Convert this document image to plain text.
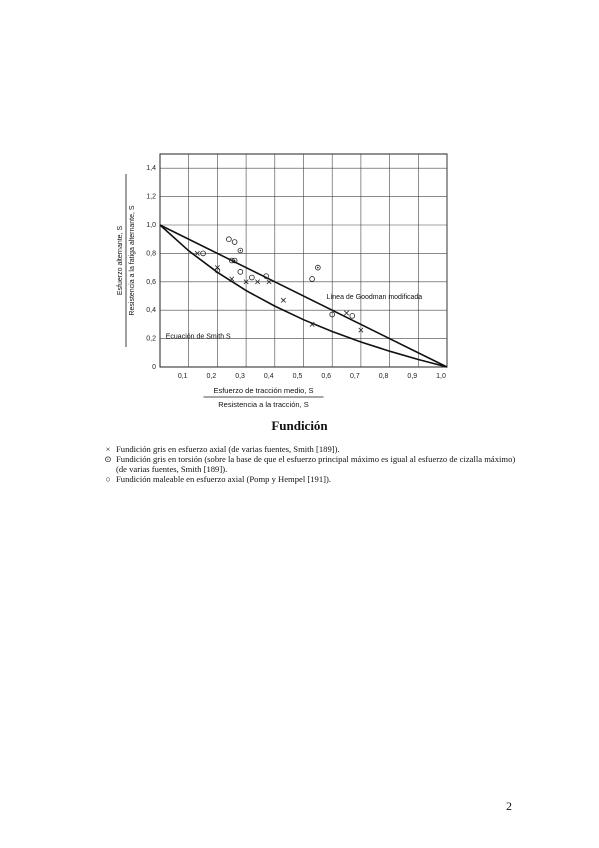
0,1	0,2	0,3	0,4	0,5	0,6	0,7	0,8	0,9	1,0
0
0,2
0,4
0,6
0,8
1,0
1,2
1,4
Línea de Goodman modificada
Ecuación de Smith S
Esfuerzo alternante, S Resistencia a la fatiga alternante, S
Esfuerzo de tracción medio, S
Resistencia a la tracción, S
Fundición
× Fundición gris en esfuerzo axial (de varias fuentes, Smith [189]).
⊙ Fundición gris en torsión (sobre la base de que el esfuerzo principal máximo es igual al esfuerzo de cizalla máximo) (de varias fuentes, Smith [189]).
○ Fundición maleable en esfuerzo axial (Pomp y Hempel [191]).
2
